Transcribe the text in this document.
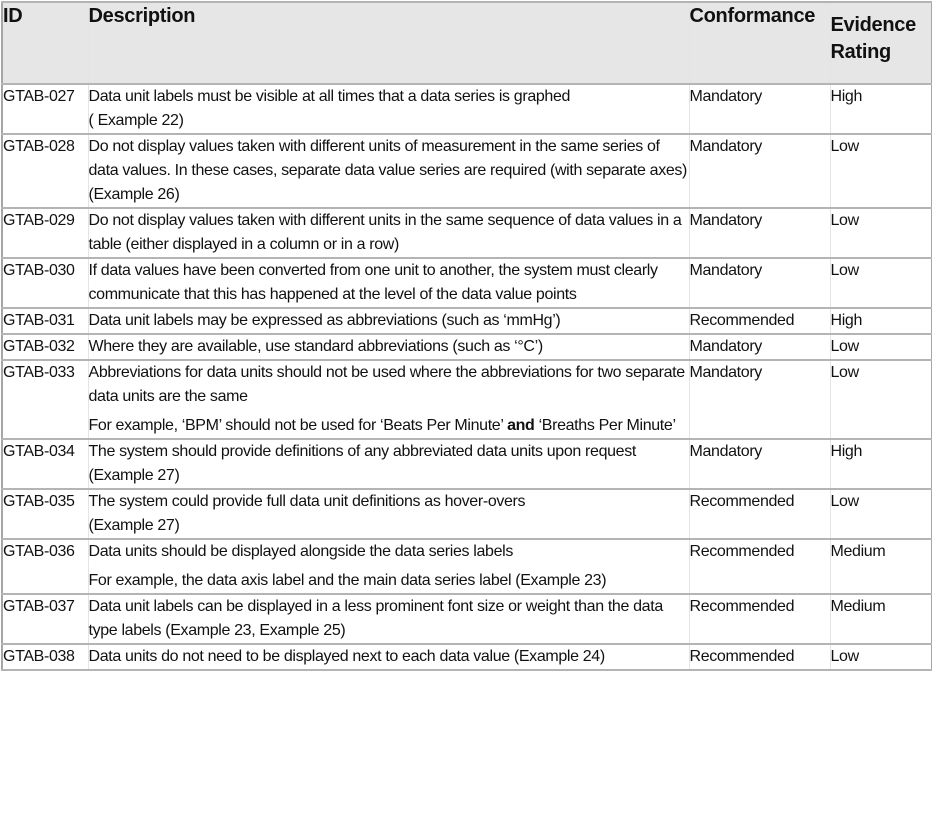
ID	Description	Conformance	Evidence
Rating
GTAB-027	Data unit labels must be visible at all times that a data series is graphed
( Example 22)	Mandatory	High
GTAB-028	Do not display values taken with different units of measurement in the same series of data values. In these cases, separate data value series are required (with separate axes) (Example 26)	Mandatory	Low
GTAB-029	Do not display values taken with different units in the same sequence of data values in a table (either displayed in a column or in a row)	Mandatory	Low
GTAB-030	If data values have been converted from one unit to another, the system must clearly communicate that this has happened at the level of the data value points	Mandatory	Low
GTAB-031	Data unit labels may be expressed as abbreviations (such as ‘mmHg’)	Recommended	High
GTAB-032	Where they are available, use standard abbreviations (such as ‘°C’)	Mandatory	Low
GTAB-033	Abbreviations for data units should not be used where the abbreviations for two separate data units are the same
For example, ‘BPM’ should not be used for ‘Beats Per Minute’ and ‘Breaths Per Minute’	Mandatory	Low
GTAB-034	The system should provide definitions of any abbreviated data units upon request
(Example 27)	Mandatory	High
GTAB-035	The system could provide full data unit definitions as hover-overs
(Example 27)	Recommended	Low
GTAB-036	Data units should be displayed alongside the data series labels
For example, the data axis label and the main data series label (Example 23)	Recommended	Medium
GTAB-037	Data unit labels can be displayed in a less prominent font size or weight than the data type labels (Example 23, Example 25)	Recommended	Medium
GTAB-038	Data units do not need to be displayed next to each data value (Example 24)	Recommended	Low
